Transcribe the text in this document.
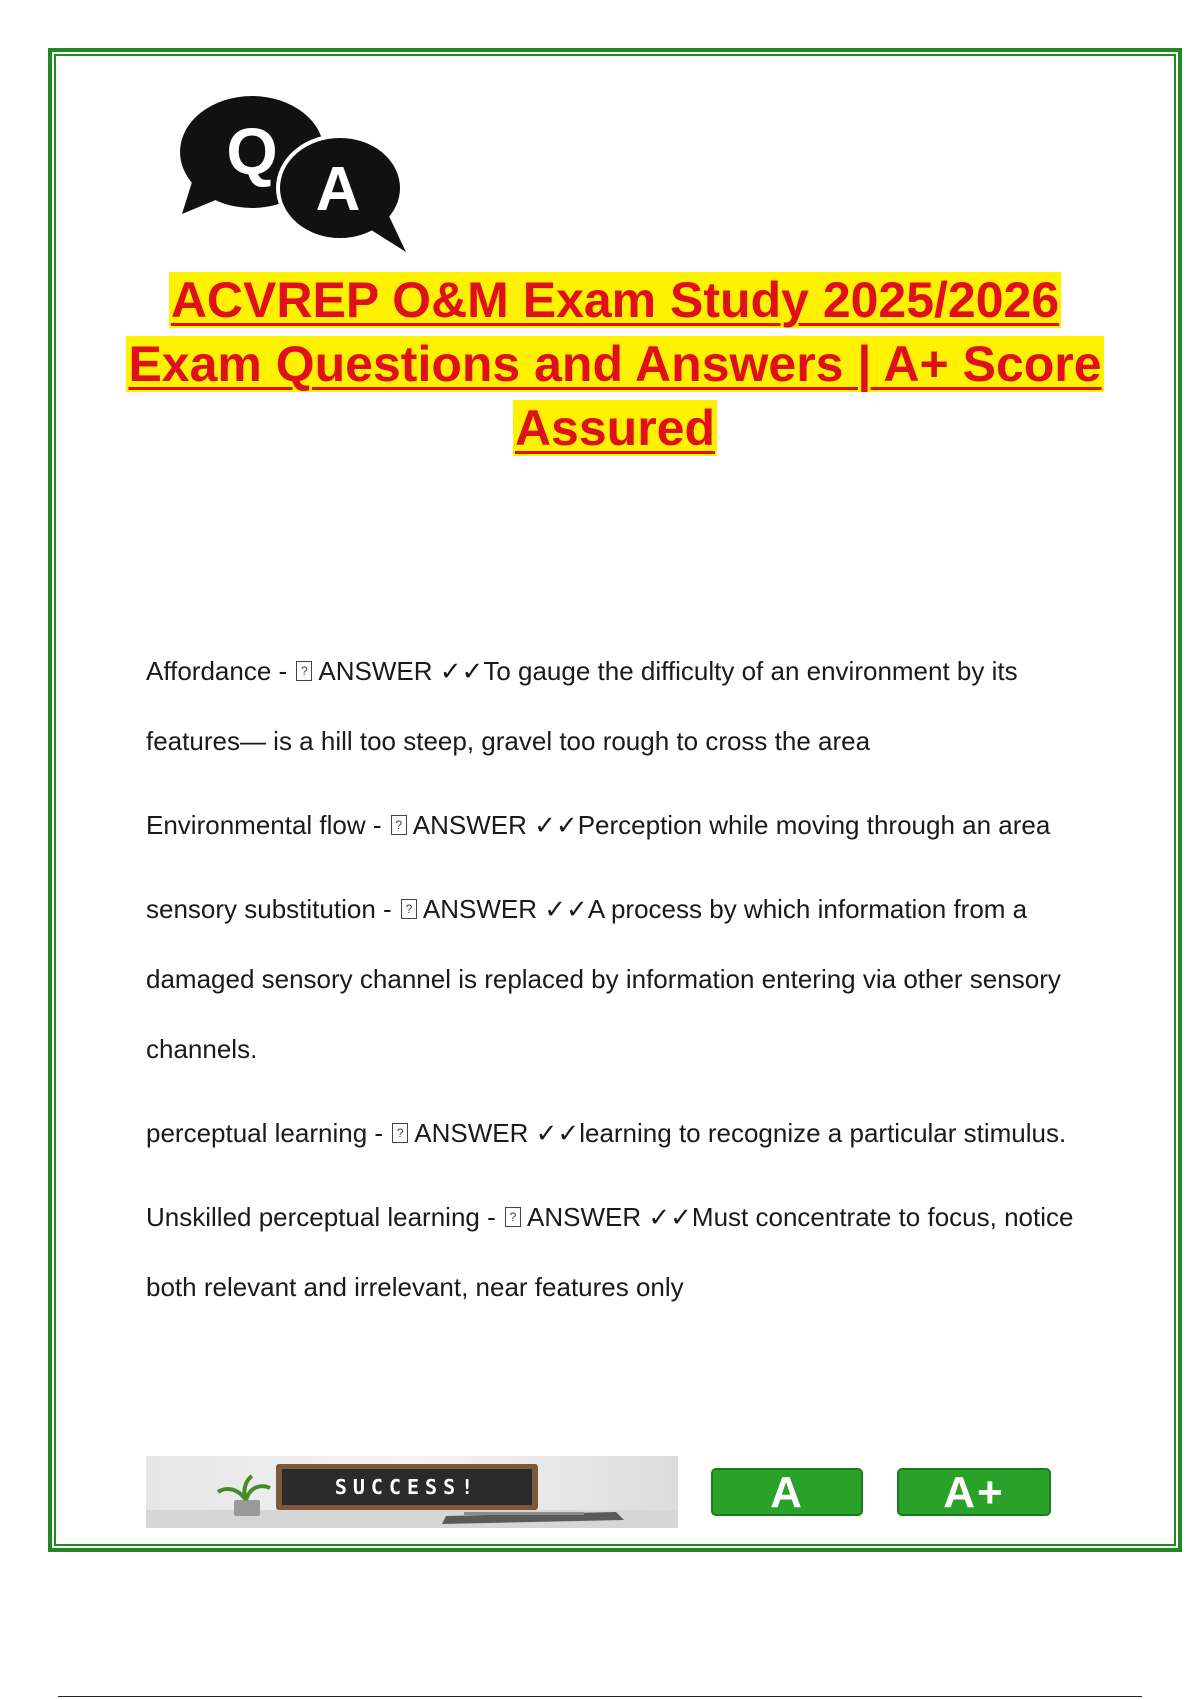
Q
A
ACVREP O&M Exam Study 2025/2026
Exam Questions and Answers | A+ Score
Assured
Affordance - ?ANSWER ✓✓To gauge the difficulty of an environment by its features— is a hill too steep, gravel too rough to cross the area
Environmental flow - ?ANSWER ✓✓Perception while moving through an area
sensory substitution - ?ANSWER ✓✓A process by which information from a damaged sensory channel is replaced by information entering via other sensory channels.
perceptual learning - ?ANSWER ✓✓learning to recognize a particular stimulus.
Unskilled perceptual learning - ?ANSWER ✓✓Must concentrate to focus, notice both relevant and irrelevant, near features only
SUCCESS!	A	A+
